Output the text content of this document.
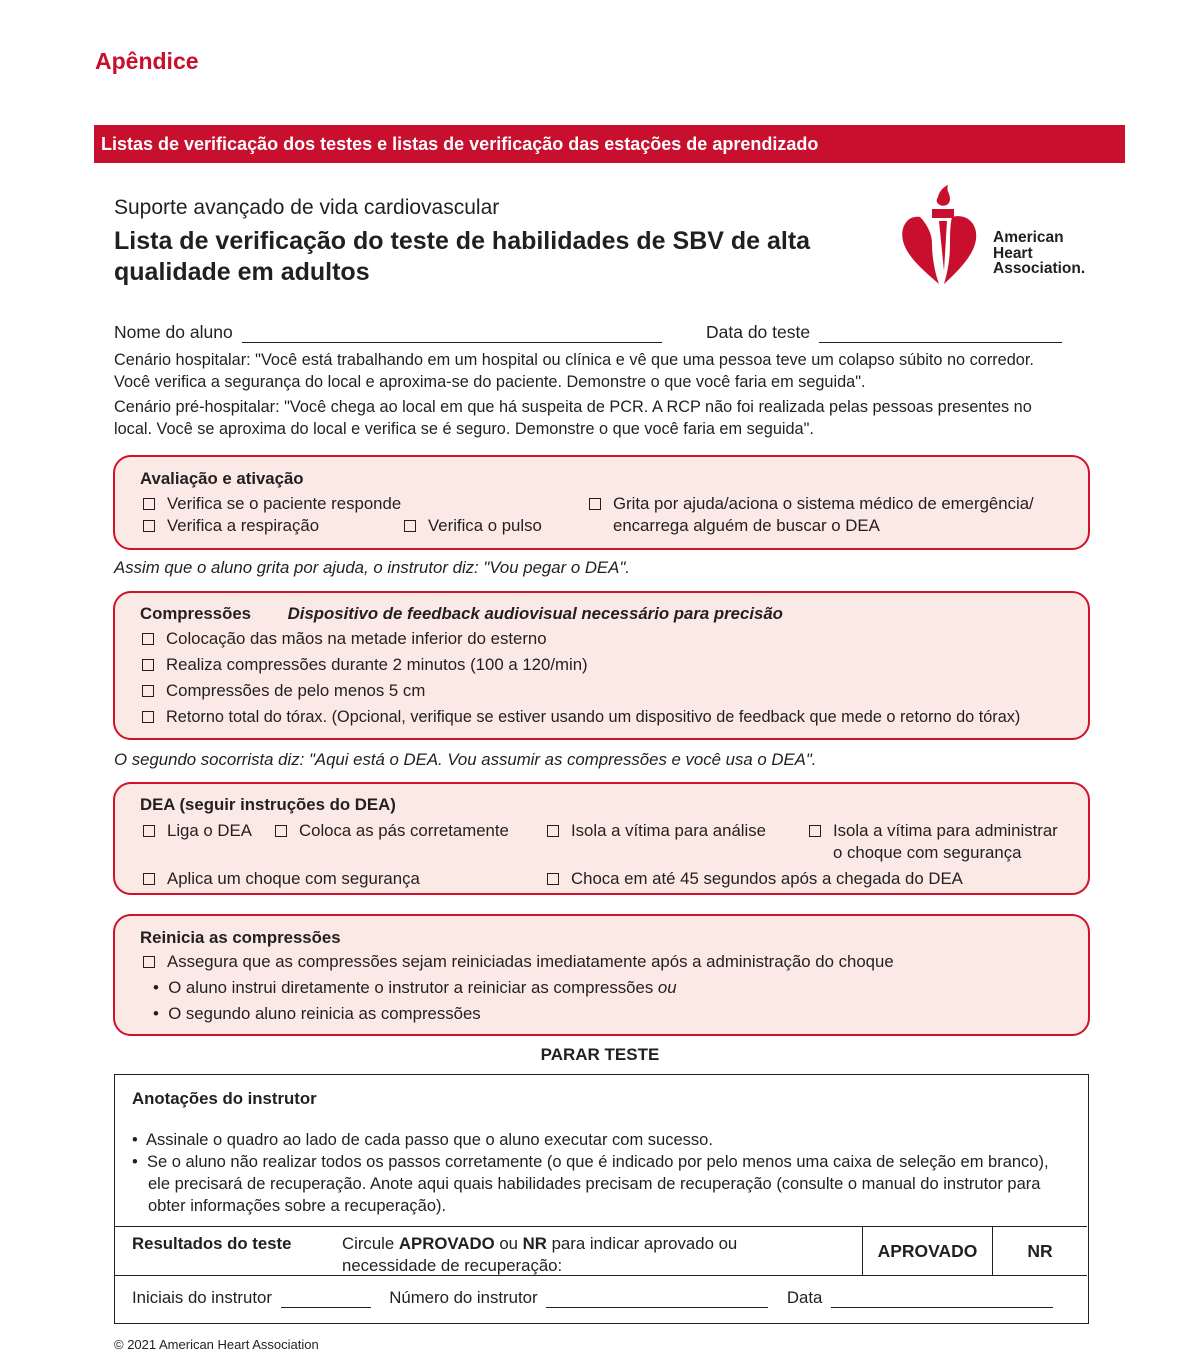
Apêndice
Listas de verificação dos testes e listas de verificação das estações de aprendizado
Suporte avançado de vida cardiovascular
Lista de verificação do teste de habilidades de SBV de alta qualidade em adultos
American
Heart
Association.
Nome do aluno	Data do teste
Cenário hospitalar: "Você está trabalhando em um hospital ou clínica e vê que uma pessoa teve um colapso súbito no corredor. Você verifica a segurança do local e aproxima-se do paciente. Demonstre o que você faria em seguida".
Cenário pré-hospitalar: "Você chega ao local em que há suspeita de PCR. A RCP não foi realizada pelas pessoas presentes no local. Você se aproxima do local e verifica se é seguro. Demonstre o que você faria em seguida".
Avaliação e ativação
Verifica se o paciente responde
Verifica a respiração	Verifica o pulso
Grita por ajuda/aciona o sistema médico de emergência/
encarrega alguém de buscar o DEA
Assim que o aluno grita por ajuda, o instrutor diz: "Vou pegar o DEA".
Compressões Dispositivo de feedback audiovisual necessário para precisão
Colocação das mãos na metade inferior do esterno
Realiza compressões durante 2 minutos (100 a 120/min)
Compressões de pelo menos 5 cm
Retorno total do tórax. (Opcional, verifique se estiver usando um dispositivo de feedback que mede o retorno do tórax)
O segundo socorrista diz: "Aqui está o DEA. Vou assumir as compressões e você usa o DEA".
DEA (seguir instruções do DEA)
Liga o DEA	Coloca as pás corretamente	Isola a vítima para análise	Isola a vítima para administrar
o choque com segurança
Aplica um choque com segurança	Choca em até 45 segundos após a chegada do DEA
Reinicia as compressões
Assegura que as compressões sejam reiniciadas imediatamente após a administração do choque
•  O aluno instrui diretamente o instrutor a reiniciar as compressões ou
•  O segundo aluno reinicia as compressões
PARAR TESTE
Anotações do instrutor
•  Assinale o quadro ao lado de cada passo que o aluno executar com sucesso.
•  Se o aluno não realizar todos os passos corretamente (o que é indicado por pelo menos uma caixa de seleção em branco), ele precisará de recuperação. Anote aqui quais habilidades precisam de recuperação (consulte o manual do instrutor para obter informações sobre a recuperação).
Resultados do teste	Circule APROVADO ou NR para indicar aprovado ou necessidade de recuperação:
APROVADO	NR
Iniciais do instrutor	Número do instrutor	Data
© 2021 American Heart Association
